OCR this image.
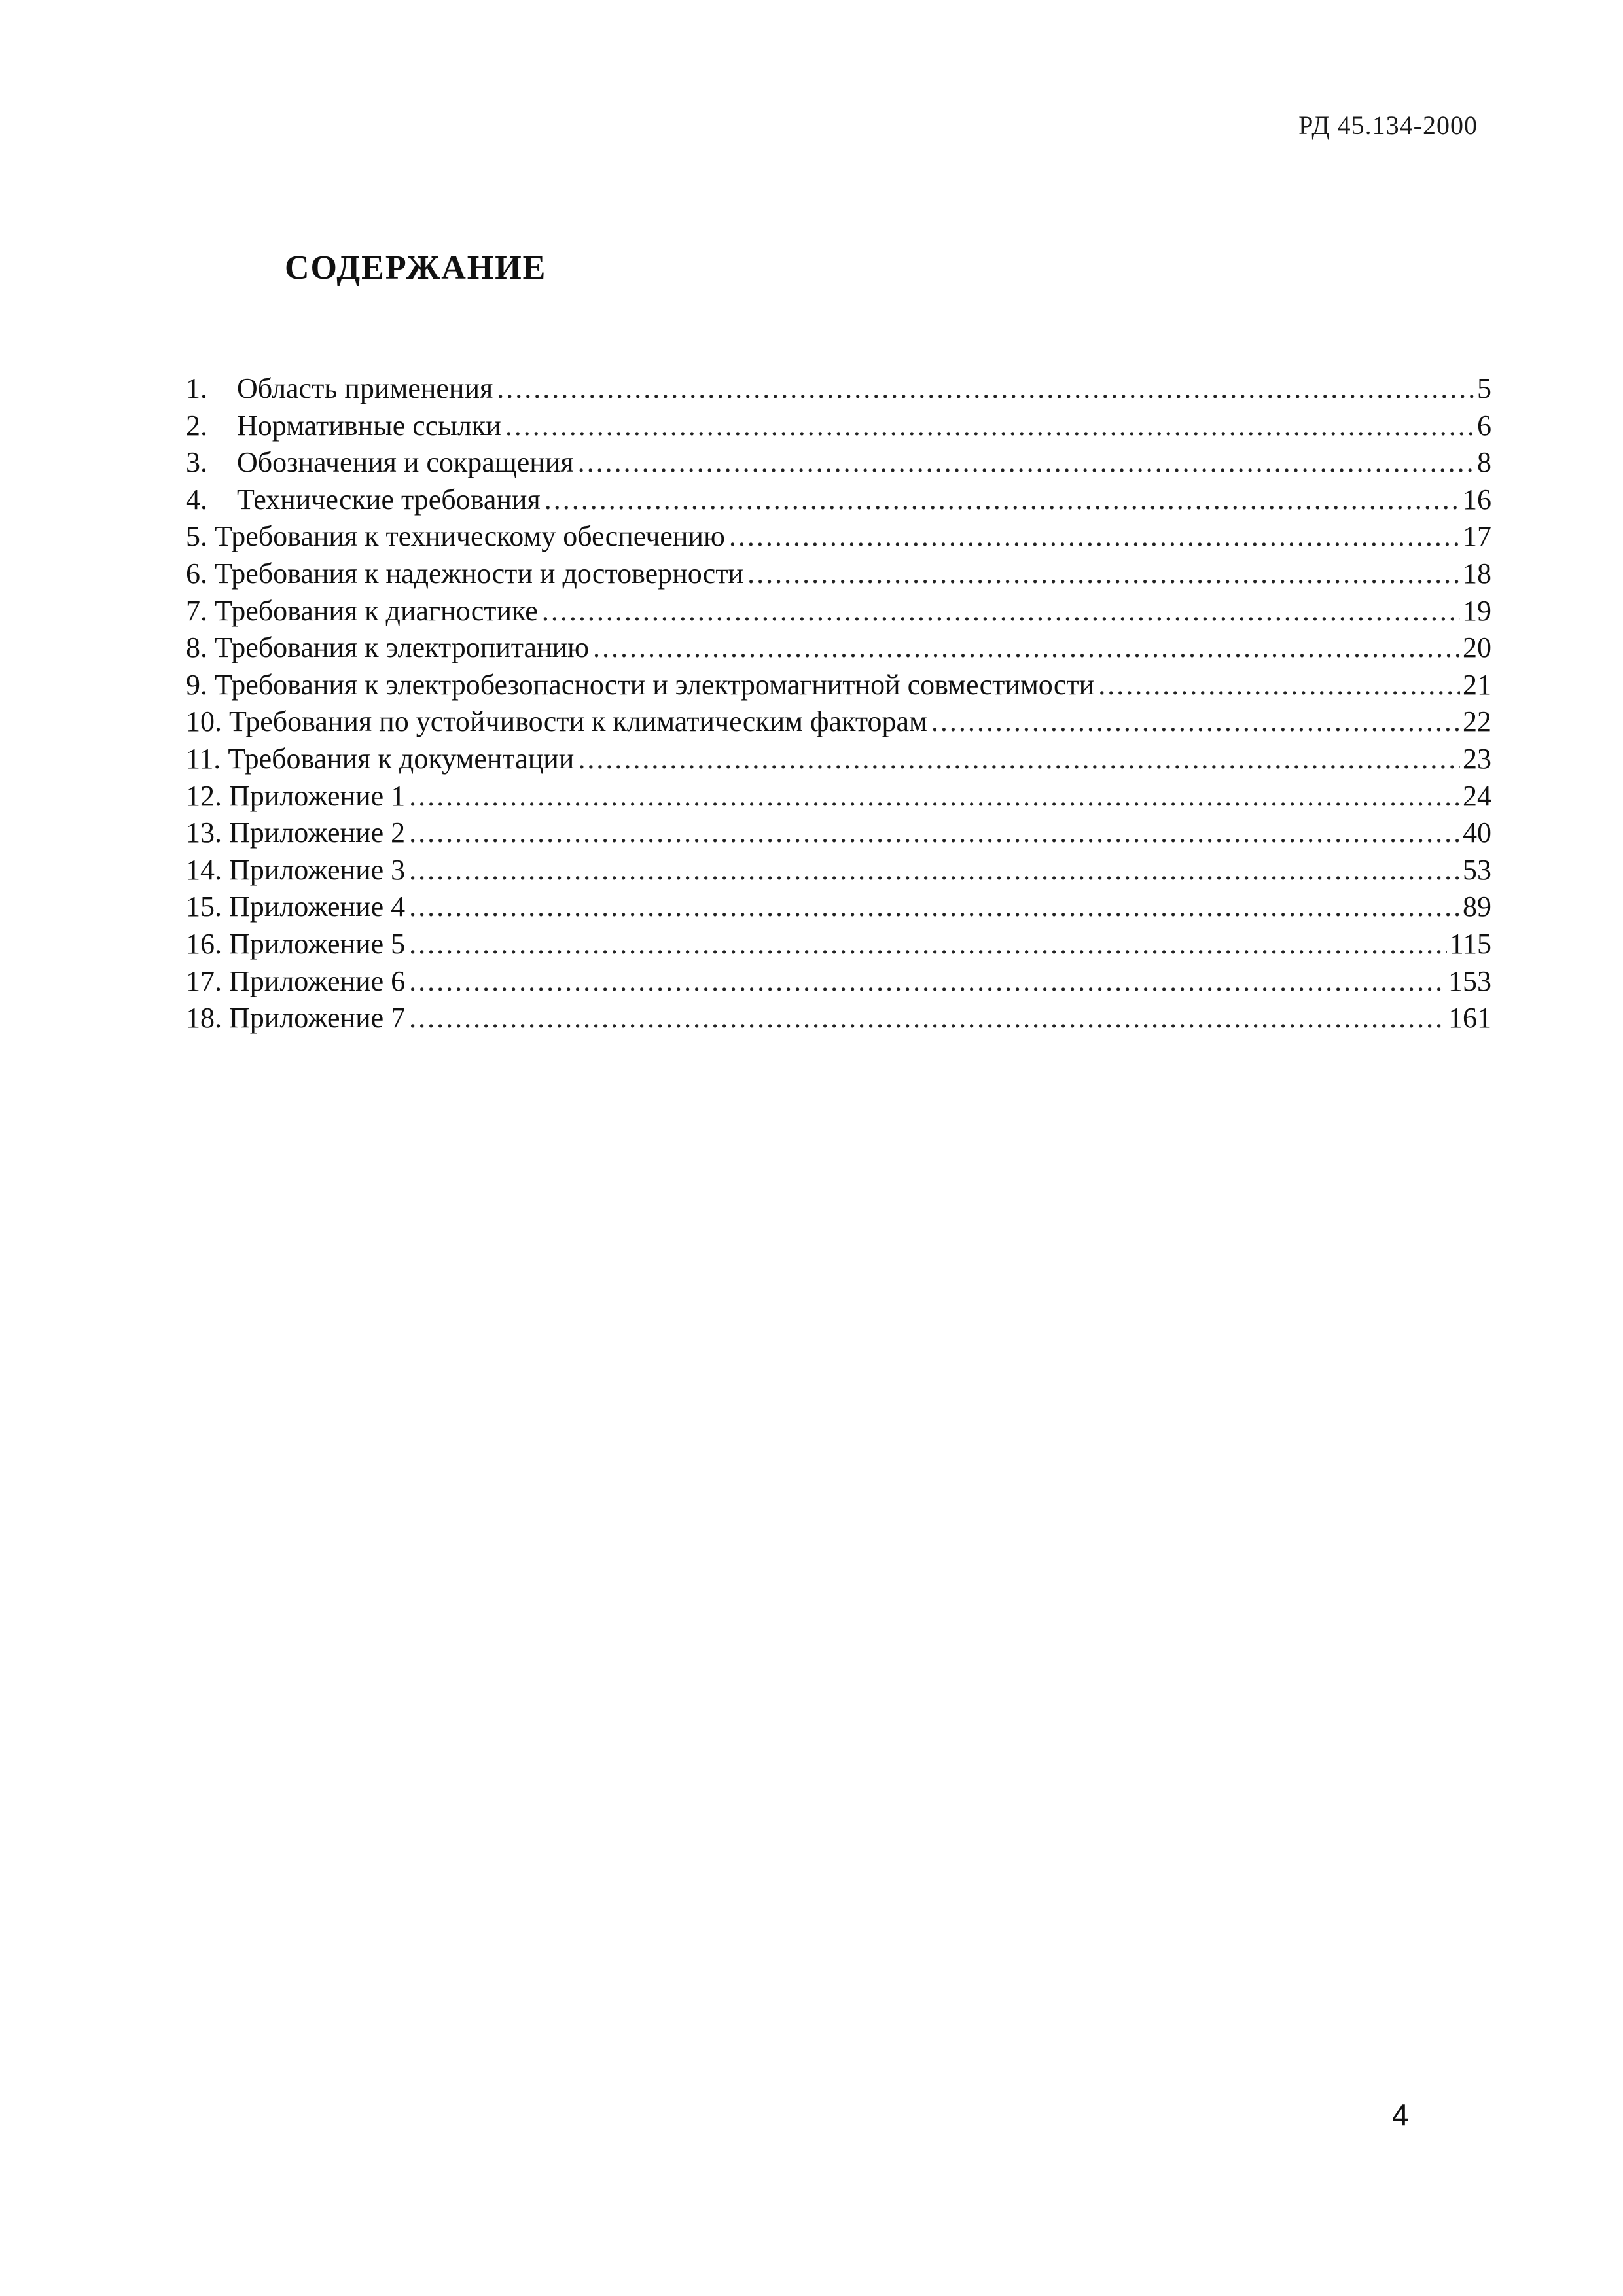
РД 45.134-2000
СОДЕРЖАНИЕ
1. Область применения .....	5
2. Нормативные ссылки .....	6
3. Обозначения и сокращения .....	8
4. Технические требования .....	16
5. Требования к техническому обеспечению .....	17
6. Требования к надежности и достоверности .....	18
7. Требования к диагностике .....	19
8. Требования к электропитанию .....	20
9. Требования к электробезопасности и электромагнитной совместимости .....	21
10. Требования по устойчивости к климатическим факторам .....	22
11. Требования к документации .....	23
12. Приложение 1 .....	24
13. Приложение 2 .....	40
14. Приложение 3 .....	53
15. Приложение 4 .....	89
16. Приложение 5 .....	115
17. Приложение 6 .....	153
18. Приложение 7 .....	161
4
